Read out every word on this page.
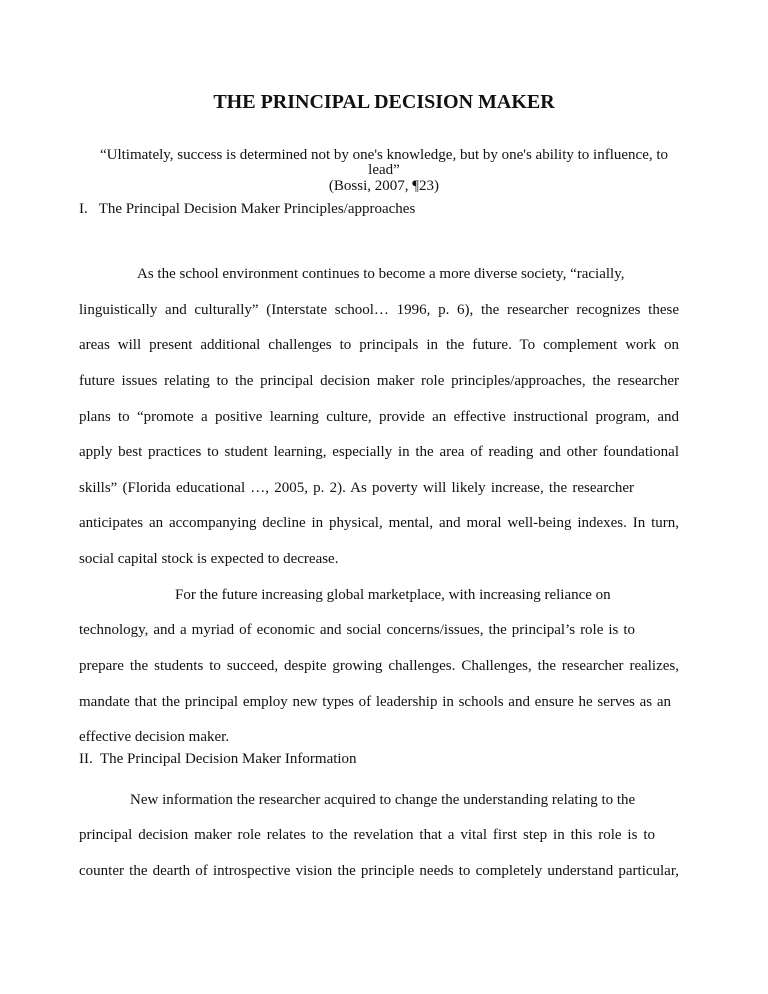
THE PRINCIPAL DECISION MAKER
“Ultimately, success is determined not by one's knowledge, but by one's ability to influence, to
lead”
(Bossi, 2007, ¶23)
I.   The Principal Decision Maker Principles/approaches
As the school environment continues to become a more diverse society, “racially,
linguistically and culturally” (Interstate school… 1996, p. 6), the researcher recognizes these
areas will present additional challenges to principals in the future. To complement work on
future issues relating to the principal decision maker role principles/approaches, the researcher
plans to “promote a positive learning culture, provide an effective instructional program, and
apply best practices to student learning, especially in the area of reading and other foundational
skills” (Florida educational …, 2005, p. 2). As poverty will likely increase, the researcher
anticipates an accompanying decline in physical, mental, and moral well-being indexes. In turn,
social capital stock is expected to decrease.
For the future increasing global marketplace, with increasing reliance on
technology, and a myriad of economic and social concerns/issues, the principal’s role is to
prepare the students to succeed, despite growing challenges. Challenges, the researcher realizes,
mandate that the principal employ new types of leadership in schools and ensure he serves as an
effective decision maker.
II.  The Principal Decision Maker Information
New information the researcher acquired to change the understanding relating to the
principal decision maker role relates to the revelation that a vital first step in this role is to
counter the dearth of introspective vision the principle needs to completely understand particular,
